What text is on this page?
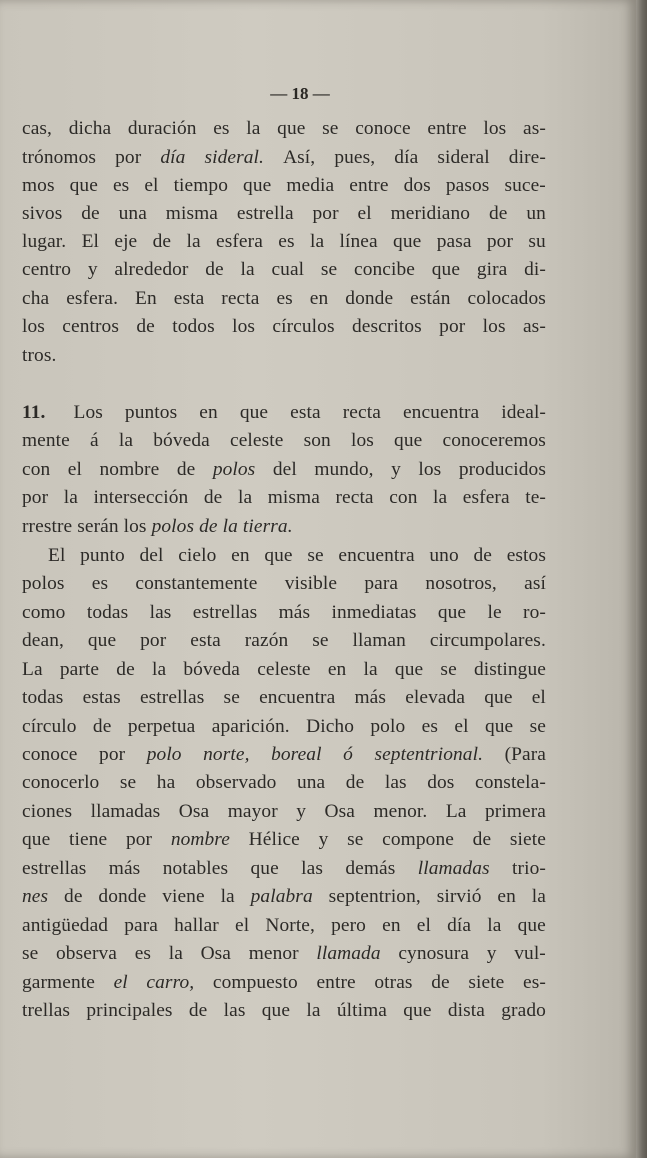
— 18 —
cas, dicha duración es la que se conoce entre los as-
trónomos por día sideral. Así, pues, día sideral dire-
mos que es el tiempo que media entre dos pasos suce-
sivos de una misma estrella por el meridiano de un
lugar. El eje de la esfera es la línea que pasa por su
centro y alrededor de la cual se concibe que gira di-
cha esfera. En esta recta es en donde están colocados
los centros de todos los círculos descritos por los as-
tros.
11. Los puntos en que esta recta encuentra ideal-
mente á la bóveda celeste son los que conoceremos
con el nombre de polos del mundo, y los producidos
por la intersección de la misma recta con la esfera te-
rrestre serán los polos de la tierra.
El punto del cielo en que se encuentra uno de estos
polos es constantemente visible para nosotros, así
como todas las estrellas más inmediatas que le ro-
dean, que por esta razón se llaman circumpolares.
La parte de la bóveda celeste en la que se distingue
todas estas estrellas se encuentra más elevada que el
círculo de perpetua aparición. Dicho polo es el que se
conoce por polo norte, boreal ó septentrional. (Para
conocerlo se ha observado una de las dos constela-
ciones llamadas Osa mayor y Osa menor. La primera
que tiene por nombre Hélice y se compone de siete
estrellas más notables que las demás llamadas trio-
nes de donde viene la palabra septentrion, sirvió en la
antigüedad para hallar el Norte, pero en el día la que
se observa es la Osa menor llamada cynosura y vul-
garmente el carro, compuesto entre otras de siete es-
trellas principales de las que la última que dista grado
